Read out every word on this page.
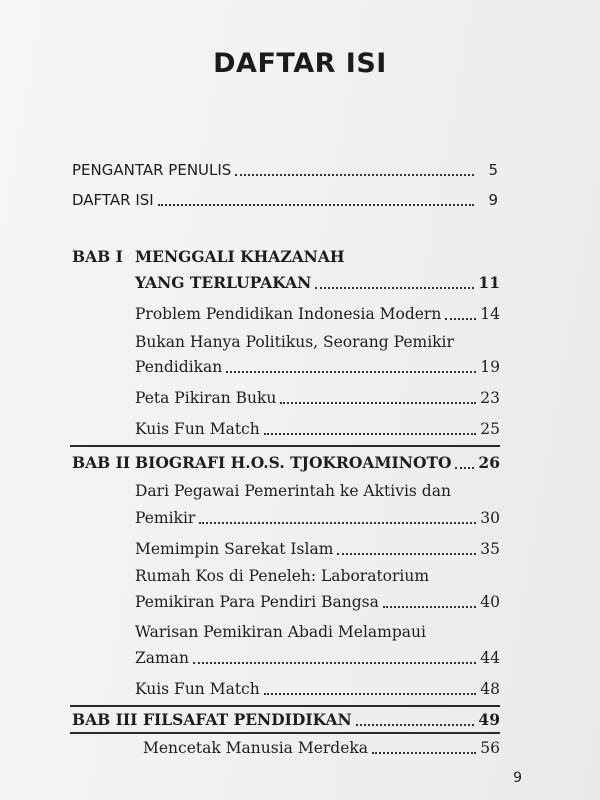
DAFTAR ISI
PENGANTAR PENULIS	5
DAFTAR ISI	9
BAB I MENGGALI KHAZANAH
YANG TERLUPAKAN	11
Problem Pendidikan Indonesia Modern	14
Bukan Hanya Politikus, Seorang Pemikir
Pendidikan	19
Peta Pikiran Buku	23
Kuis Fun Match	25
BAB II BIOGRAFI H.O.S. TJOKROAMINOTO 26
Dari Pegawai Pemerintah ke Aktivis dan
Pemikir	30
Memimpin Sarekat Islam	35
Rumah Kos di Peneleh: Laboratorium
Pemikiran Para Pendiri Bangsa	40
Warisan Pemikiran Abadi Melampaui
Zaman	44
Kuis Fun Match	48
BAB III FILSAFAT PENDIDIKAN	49
Mencetak Manusia Merdeka	56
9
